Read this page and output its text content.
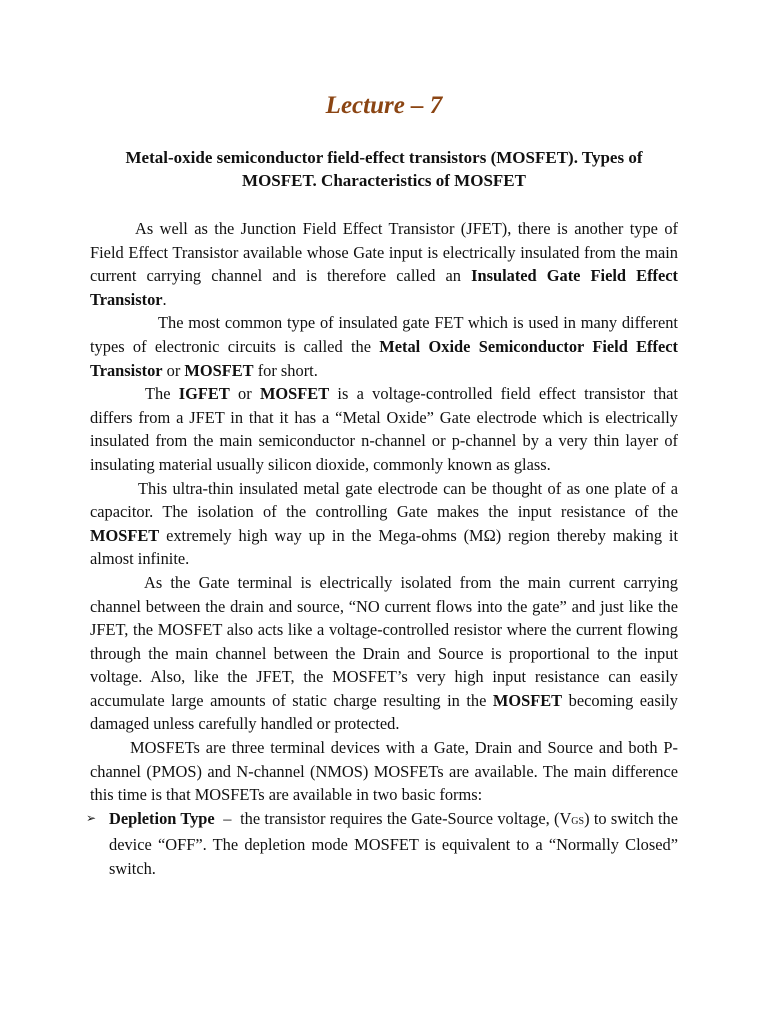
Lecture – 7
Metal-oxide semiconductor field-effect transistors (MOSFET). Types of MOSFET. Characteristics of MOSFET

As well as the Junction Field Effect Transistor (JFET), there is another type of Field Effect Transistor available whose Gate input is electrically insulated from the main current carrying channel and is therefore called an Insulated Gate Field Effect Transistor.

The most common type of insulated gate FET which is used in many different types of electronic circuits is called the Metal Oxide Semiconductor Field Effect Transistor or MOSFET for short.

The IGFET or MOSFET is a voltage-controlled field effect transistor that differs from a JFET in that it has a “Metal Oxide” Gate electrode which is electrically insulated from the main semiconductor n-channel or p-channel by a very thin layer of insulating material usually silicon dioxide, commonly known as glass.

This ultra-thin insulated metal gate electrode can be thought of as one plate of a capacitor. The isolation of the controlling Gate makes the input resistance of the MOSFET extremely high way up in the Mega-ohms (MΩ) region thereby making it almost infinite.

As the Gate terminal is electrically isolated from the main current carrying channel between the drain and source, “NO current flows into the gate” and just like the JFET, the MOSFET also acts like a voltage-controlled resistor where the current flowing through the main channel between the Drain and Source is proportional to the input voltage. Also, like the JFET, the MOSFET’s very high input resistance can easily accumulate large amounts of static charge resulting in the MOSFET becoming easily damaged unless carefully handled or protected.

MOSFETs are three terminal devices with a Gate, Drain and Source and both P-channel (PMOS) and N-channel (NMOS) MOSFETs are available. The main difference this time is that MOSFETs are available in two basic forms:

➢ Depletion Type – the transistor requires the Gate-Source voltage, (VGS) to switch the device “OFF”. The depletion mode MOSFET is equivalent to a “Normally Closed” switch.
